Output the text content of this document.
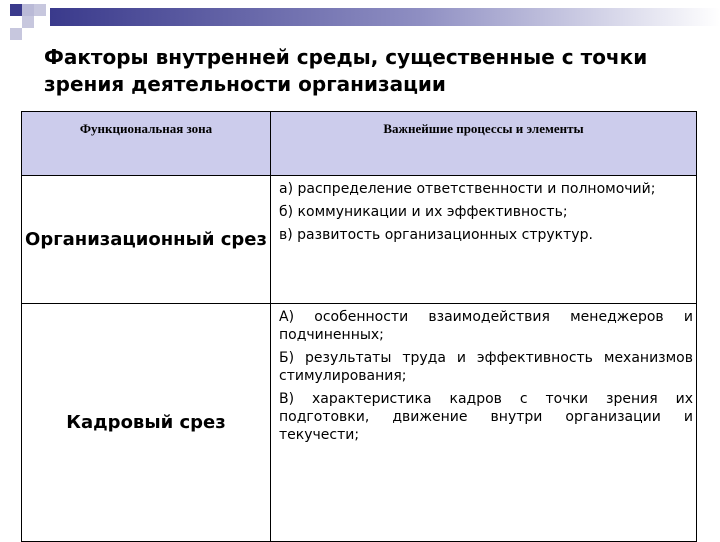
Факторы внутренней среды, существенные с точки зрения деятельности организации
Функциональная зона	Важнейшие процессы и элементы
Организационный срез	а) распределение ответственности и полномочий;

б) коммуникации и их эффективность;

в) развитость организационных структур.

Кадровый срез	А) особенности взаимодействия менеджеров и подчиненных;

Б) результаты труда и эффективность механизмов стимулирования;

В) характеристика кадров с точки зрения их подготовки, движение внутри организации и текучести;
